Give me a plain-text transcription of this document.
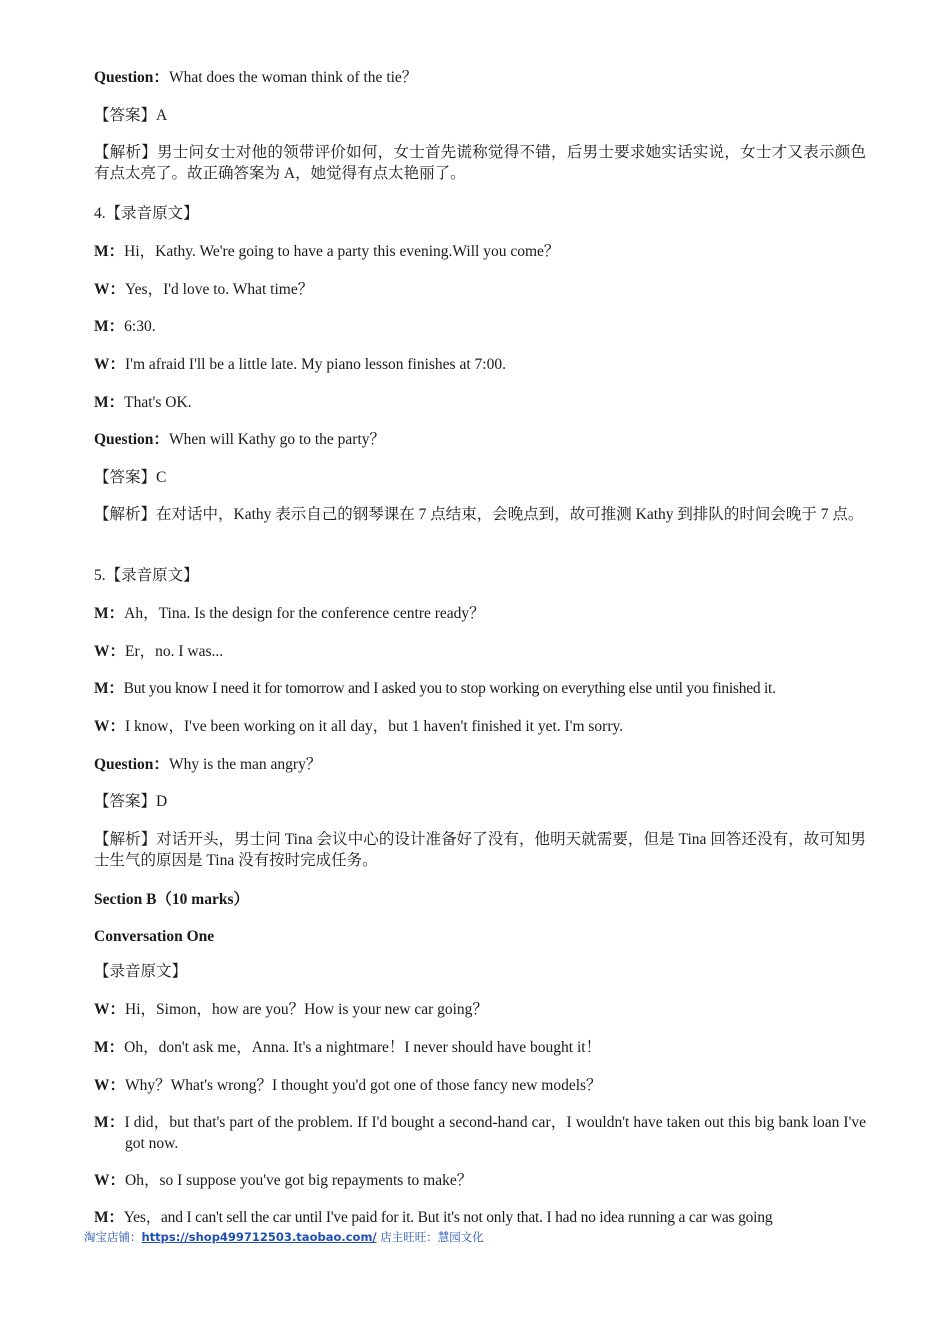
Question：What does the woman think of the tie？
【答案】A
【解析】男士问女士对他的领带评价如何，女士首先谎称觉得不错，后男士要求她实话实说，女士才又表示颜色有点太亮了。故正确答案为 A，她觉得有点太艳丽了。
4.【录音原文】
M：Hi，Kathy. We're going to have a party this evening.Will you come？
W：Yes，I'd love to. What time？
M：6:30.
W：I'm afraid I'll be a little late. My piano lesson finishes at 7:00.
M：That's OK.
Question：When will Kathy go to the party？
【答案】C
【解析】在对话中，Kathy 表示自己的钢琴课在 7 点结束，会晚点到，故可推测 Kathy 到排队的时间会晚于 7 点。
5.【录音原文】
M：Ah，Tina. Is the design for the conference centre ready？
W：Er，no. I was...
M：But you know I need it for tomorrow and I asked you to stop working on everything else until you finished it.
W：I know，I've been working on it all day，but 1 haven't finished it yet. I'm sorry.
Question：Why is the man angry？
【答案】D
【解析】对话开头，男士问 Tina 会议中心的设计准备好了没有，他明天就需要，但是 Tina 回答还没有，故可知男士生气的原因是 Tina 没有按时完成任务。
Section B（10 marks）
Conversation One
【录音原文】
W：Hi，Simon，how are you？How is your new car going？
M：Oh，don't ask me，Anna. It's a nightmare！I never should have bought it！
W：Why？What's wrong？I thought you'd got one of those fancy new models？
M：I did，but that's part of the problem. If I'd bought a second-hand car，I wouldn't have taken out this big bank loan I've got now.
W：Oh，so I suppose you've got big repayments to make？
M：Yes，and I can't sell the car until I've paid for it. But it's not only that. I had no idea running a car was going
淘宝店铺：https://shop499712503.taobao.com/ 店主旺旺：慧园文化
